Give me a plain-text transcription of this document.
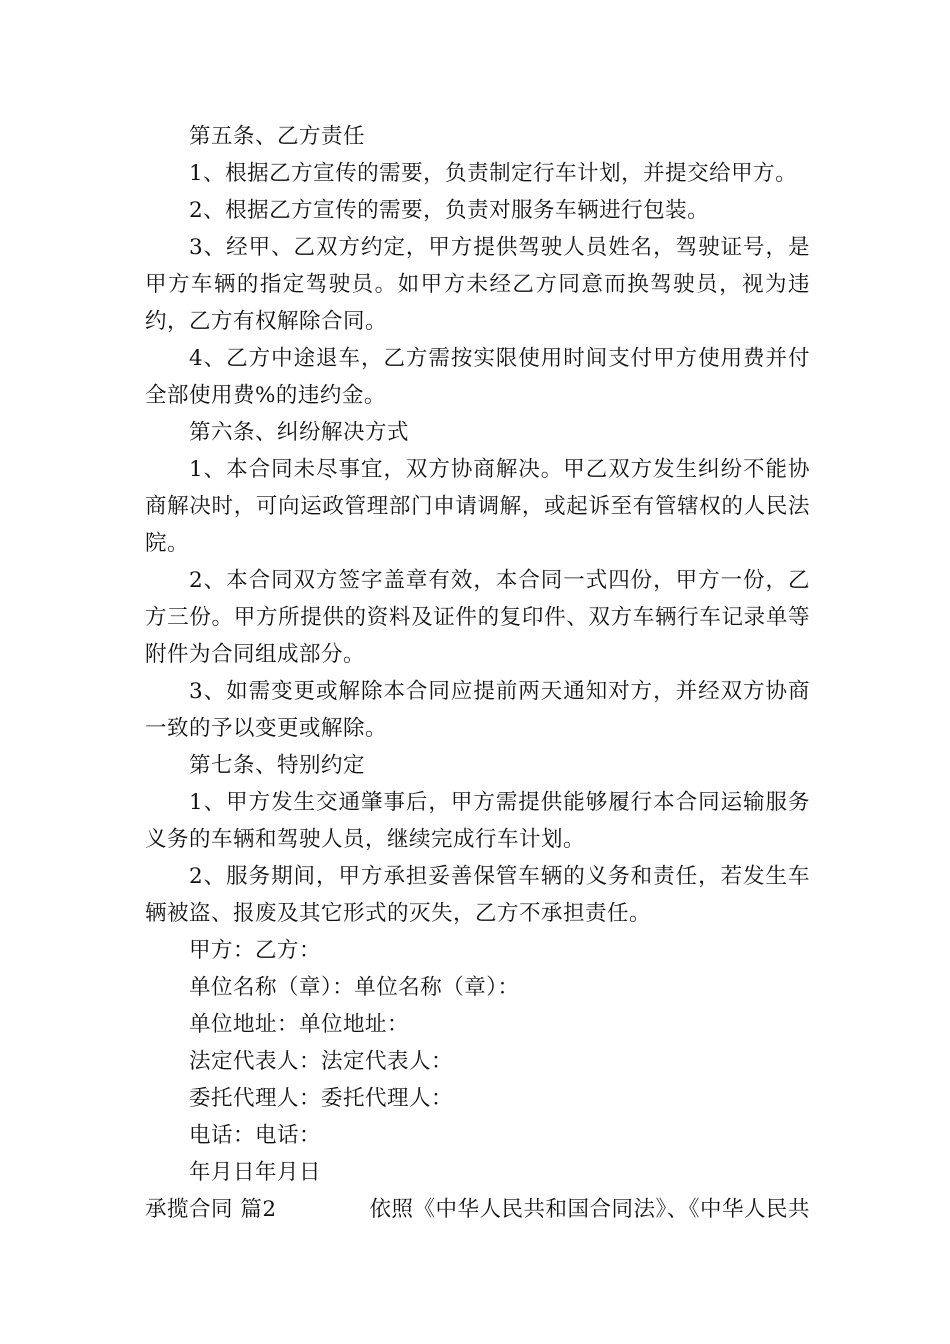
第五条、乙方责任

1、根据乙方宣传的需要，负责制定行车计划，并提交给甲方。

2、根据乙方宣传的需要，负责对服务车辆进行包装。

3、经甲、乙双方约定，甲方提供驾驶人员姓名，驾驶证号，是甲方车辆的指定驾驶员。如甲方未经乙方同意而换驾驶员，视为违约，乙方有权解除合同。

4、乙方中途退车，乙方需按实限使用时间支付甲方使用费并付全部使用费%的违约金。

第六条、纠纷解决方式

1、本合同未尽事宜，双方协商解决。甲乙双方发生纠纷不能协商解决时，可向运政管理部门申请调解，或起诉至有管辖权的人民法院。

2、本合同双方签字盖章有效，本合同一式四份，甲方一份，乙方三份。甲方所提供的资料及证件的复印件、双方车辆行车记录单等附件为合同组成部分。

3、如需变更或解除本合同应提前两天通知对方，并经双方协商一致的予以变更或解除。

第七条、特别约定

1、甲方发生交通肇事后，甲方需提供能够履行本合同运输服务义务的车辆和驾驶人员，继续完成行车计划。

2、服务期间，甲方承担妥善保管车辆的义务和责任，若发生车辆被盗、报废及其它形式的灭失，乙方不承担责任。

甲方：乙方：

单位名称（章）：单位名称（章）：

单位地址：单位地址：

法定代表人：法定代表人：

委托代理人：委托代理人：

电话：电话：

年月日年月日

承揽合同 篇2	依照《中华人民共和国合同法》、《中华人民共
